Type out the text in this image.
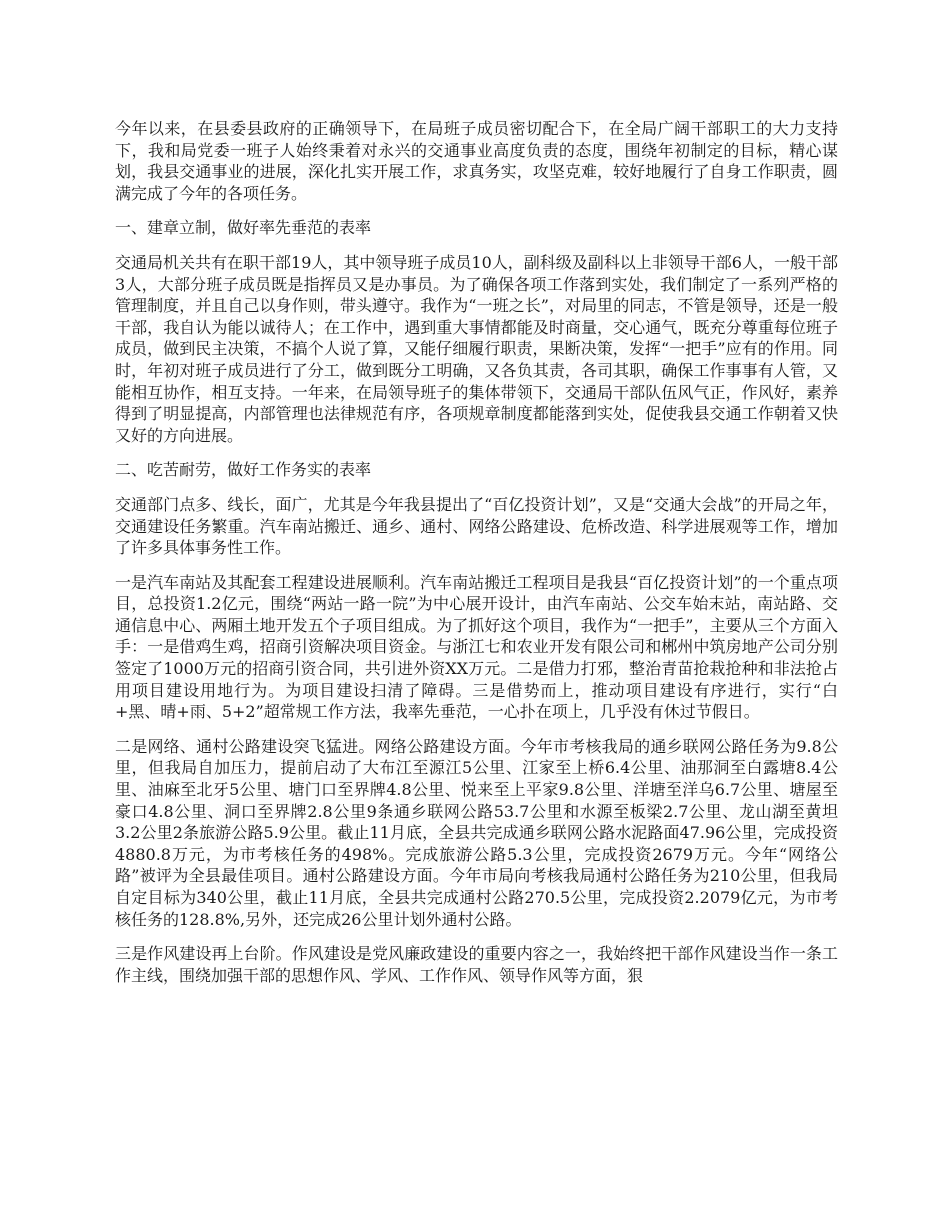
今年以来，在县委县政府的正确领导下，在局班子成员密切配合下，在全局广阔干部职工的大力支持下，我和局党委一班子人始终秉着对永兴的交通事业高度负责的态度，围绕年初制定的目标，精心谋划，我县交通事业的进展，深化扎实开展工作，求真务实，攻坚克难，较好地履行了自身工作职责，圆满完成了今年的各项任务。

一、建章立制，做好率先垂范的表率

交通局机关共有在职干部19人，其中领导班子成员10人，副科级及副科以上非领导干部6人，一般干部3人，大部分班子成员既是指挥员又是办事员。为了确保各项工作落到实处，我们制定了一系列严格的管理制度，并且自己以身作则，带头遵守。我作为“一班之长”，对局里的同志，不管是领导，还是一般干部，我自认为能以诚待人；在工作中，遇到重大事情都能及时商量，交心通气，既充分尊重每位班子成员，做到民主决策，不搞个人说了算，又能仔细履行职责，果断决策，发挥“一把手”应有的作用。同时，年初对班子成员进行了分工，做到既分工明确，又各负其责，各司其职，确保工作事事有人管，又能相互协作，相互支持。一年来，在局领导班子的集体带领下，交通局干部队伍风气正，作风好，素养得到了明显提高，内部管理也法律规范有序，各项规章制度都能落到实处，促使我县交通工作朝着又快又好的方向进展。

二、吃苦耐劳，做好工作务实的表率

交通部门点多、线长，面广，尤其是今年我县提出了“百亿投资计划”，又是“交通大会战”的开局之年，交通建设任务繁重。汽车南站搬迁、通乡、通村、网络公路建设、危桥改造、科学进展观等工作，增加了许多具体事务性工作。

一是汽车南站及其配套工程建设进展顺利。汽车南站搬迁工程项目是我县“百亿投资计划”的一个重点项目，总投资1.2亿元，围绕“两站一路一院”为中心展开设计，由汽车南站、公交车始末站，南站路、交通信息中心、两厢土地开发五个子项目组成。为了抓好这个项目，我作为“一把手”，主要从三个方面入手：一是借鸡生鸡，招商引资解决项目资金。与浙江七和农业开发有限公司和郴州中筑房地产公司分别签定了1000万元的招商引资合同，共引进外资XX万元。二是借力打邪，整治青苗抢栽抢种和非法抢占用项目建设用地行为。为项目建设扫清了障碍。三是借势而上，推动项目建设有序进行，实行“白+黑、晴+雨、5+2”超常规工作方法，我率先垂范，一心扑在项上，几乎没有休过节假日。

二是网络、通村公路建设突飞猛进。网络公路建设方面。今年市考核我局的通乡联网公路任务为9.8公里，但我局自加压力，提前启动了大布江至源江5公里、江家至上桥6.4公里、油那洞至白露塘8.4公里、油麻至北牙5公里、塘门口至界牌4.8公里、悦来至上平家9.8公里、洋塘至洋乌6.7公里、塘屋至豪口4.8公里、洞口至界牌2.8公里9条通乡联网公路53.7公里和水源至板梁2.7公里、龙山湖至黄坦3.2公里2条旅游公路5.9公里。截止11月底，全县共完成通乡联网公路水泥路面47.96公里，完成投资4880.8万元，为市考核任务的498%。完成旅游公路5.3公里，完成投资2679万元。今年“网络公路”被评为全县最佳项目。通村公路建设方面。今年市局向考核我局通村公路任务为210公里，但我局自定目标为340公里，截止11月底，全县共完成通村公路270.5公里，完成投资2.2079亿元，为市考核任务的128.8%,另外，还完成26公里计划外通村公路。

三是作风建设再上台阶。作风建设是党风廉政建设的重要内容之一，我始终把干部作风建设当作一条工作主线，围绕加强干部的思想作风、学风、工作作风、领导作风等方面，狠
